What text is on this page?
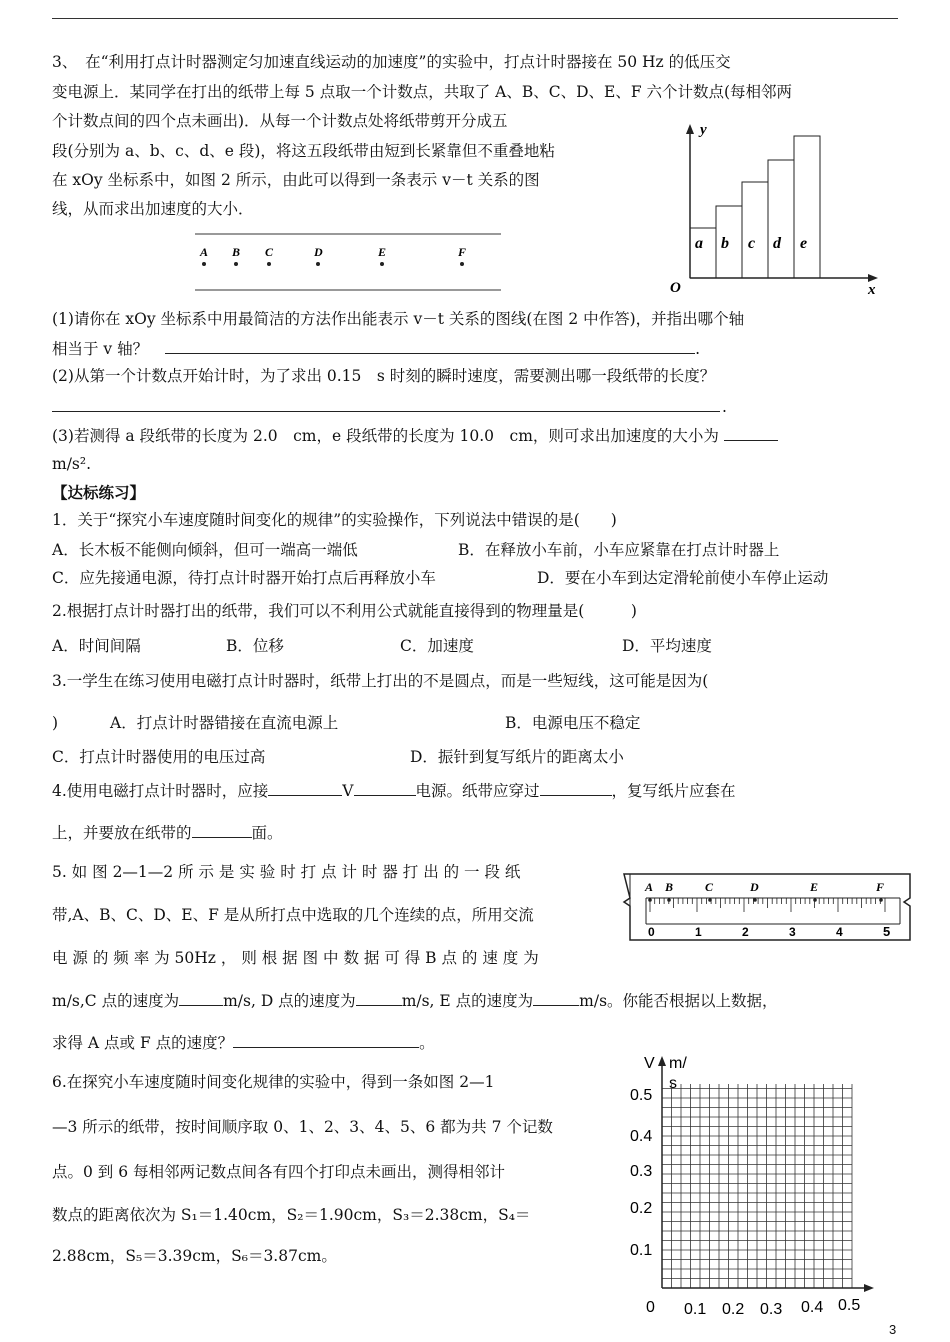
3、　在“利用打点计时器测定匀加速直线运动的加速度”的实验中，打点计时器接在 50 Hz 的低压交
变电源上．某同学在打出的纸带上每 5 点取一个计数点，共取了 A、B、C、D、E、F 六个计数点(每相邻两
个计数点间的四个点未画出)．从每一个计数点处将纸带剪开分成五
段(分别为 a、b、c、d、e 段)，将这五段纸带由短到长紧靠但不重叠地粘
在 xOy 坐标系中，如图 2 所示，由此可以得到一条表示 v－t 关系的图
线，从而求出加速度的大小．
A B C	D	E	F
y
x
O
a b c d e
(1)请你在 xOy 坐标系中用最简洁的方法作出能表示 v－t 关系的图线(在图 2 中作答)，并指出哪个轴
相当于 v 轴？	.
(2)从第一个计数点开始计时，为了求出 0.15　s 时刻的瞬时速度，需要测出哪一段纸带的长度？
.
(3)若测得 a 段纸带的长度为 2.0　cm，e 段纸带的长度为 10.0　cm，则可求出加速度的大小为
m/s².
【达标练习】
1．关于“探究小车速度随时间变化的规律”的实验操作，下列说法中错误的是(　　)
A．长木板不能侧向倾斜，但可一端高一端低	B．在释放小车前，小车应紧靠在打点计时器上
C．应先接通电源，待打点计时器开始打点后再释放小车	D．要在小车到达定滑轮前使小车停止运动
2.根据打点计时器打出的纸带，我们可以不利用公式就能直接得到的物理量是(　　　)
A．时间间隔	B．位移	C．加速度	D．平均速度
3.一学生在练习使用电磁打点计时器时，纸带上打出的不是圆点，而是一些短线，这可能是因为(
)	A．打点计时器错接在直流电源上	B．电源电压不稳定
C．打点计时器使用的电压过高	D．振针到复写纸片的距离太小
4.使用电磁打点计时器时，应接	V	电源。纸带应穿过	，复写纸片应套在
上，并要放在纸带的	面。
5. 如 图 2—1—2 所 示 是 实 验 时 打 点 计 时 器 打 出 的 一 段 纸
带,A、B、C、D、E、F 是从所打点中选取的几个连续的点，所用交流
电 源 的 频 率 为 50Hz ， 则 根 据 图 中 数 据 可 得 B 点 的 速 度 为
m/s,C 点的速度为	m/s, D 点的速度为	m/s, E 点的速度为	m/s。你能否根据以上数据，
求得 A 点或 F 点的速度？	。
A B	C	D	E	F
0	1	2	3	4	5
6.在探究小车速度随时间变化规律的实验中，得到一条如图 2—1
—3 所示的纸带，按时间顺序取 0、1、2、3、4、5、6 都为共 7 个记数
点。0 到 6 每相邻两记数点间各有四个打印点未画出，测得相邻计
数点的距离依次为 S₁＝1.40cm，S₂＝1.90cm，S₃＝2.38cm，S₄＝
2.88cm，S₅＝3.39cm，S₆＝3.87cm。
V m/
s
0.5
0.4
0.3
0.2
0.1
0 0.1 0.2 0.3 0.4 0.5
3
